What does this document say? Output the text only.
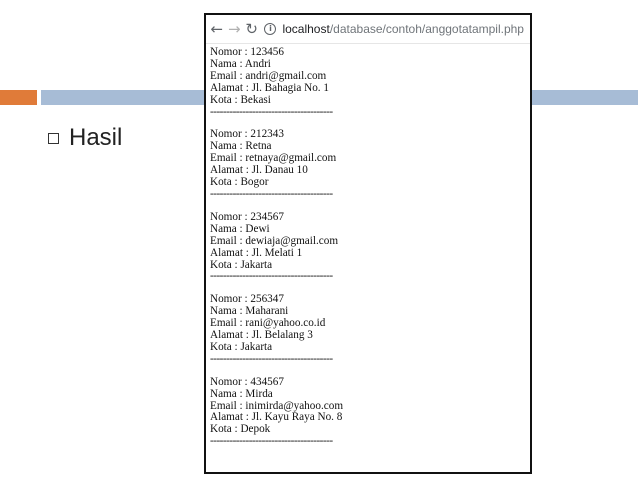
Hasil
← → ↻	i localhost /database/contoh/anggotatampil.php
Nomor : 123456
Nama : Andri
Email : andri@gmail.com
Alamat : Jl. Bahagia No. 1
Kota : Bekasi
--------------------------------------
Nomor : 212343
Nama : Retna
Email : retnaya@gmail.com
Alamat : Jl. Danau 10
Kota : Bogor
--------------------------------------
Nomor : 234567
Nama : Dewi
Email : dewiaja@gmail.com
Alamat : Jl. Melati 1
Kota : Jakarta
--------------------------------------
Nomor : 256347
Nama : Maharani
Email : rani@yahoo.co.id
Alamat : Jl. Belalang 3
Kota : Jakarta
--------------------------------------
Nomor : 434567
Nama : Mirda
Email : inimirda@yahoo.com
Alamat : Jl. Kayu Raya No. 8
Kota : Depok
--------------------------------------
